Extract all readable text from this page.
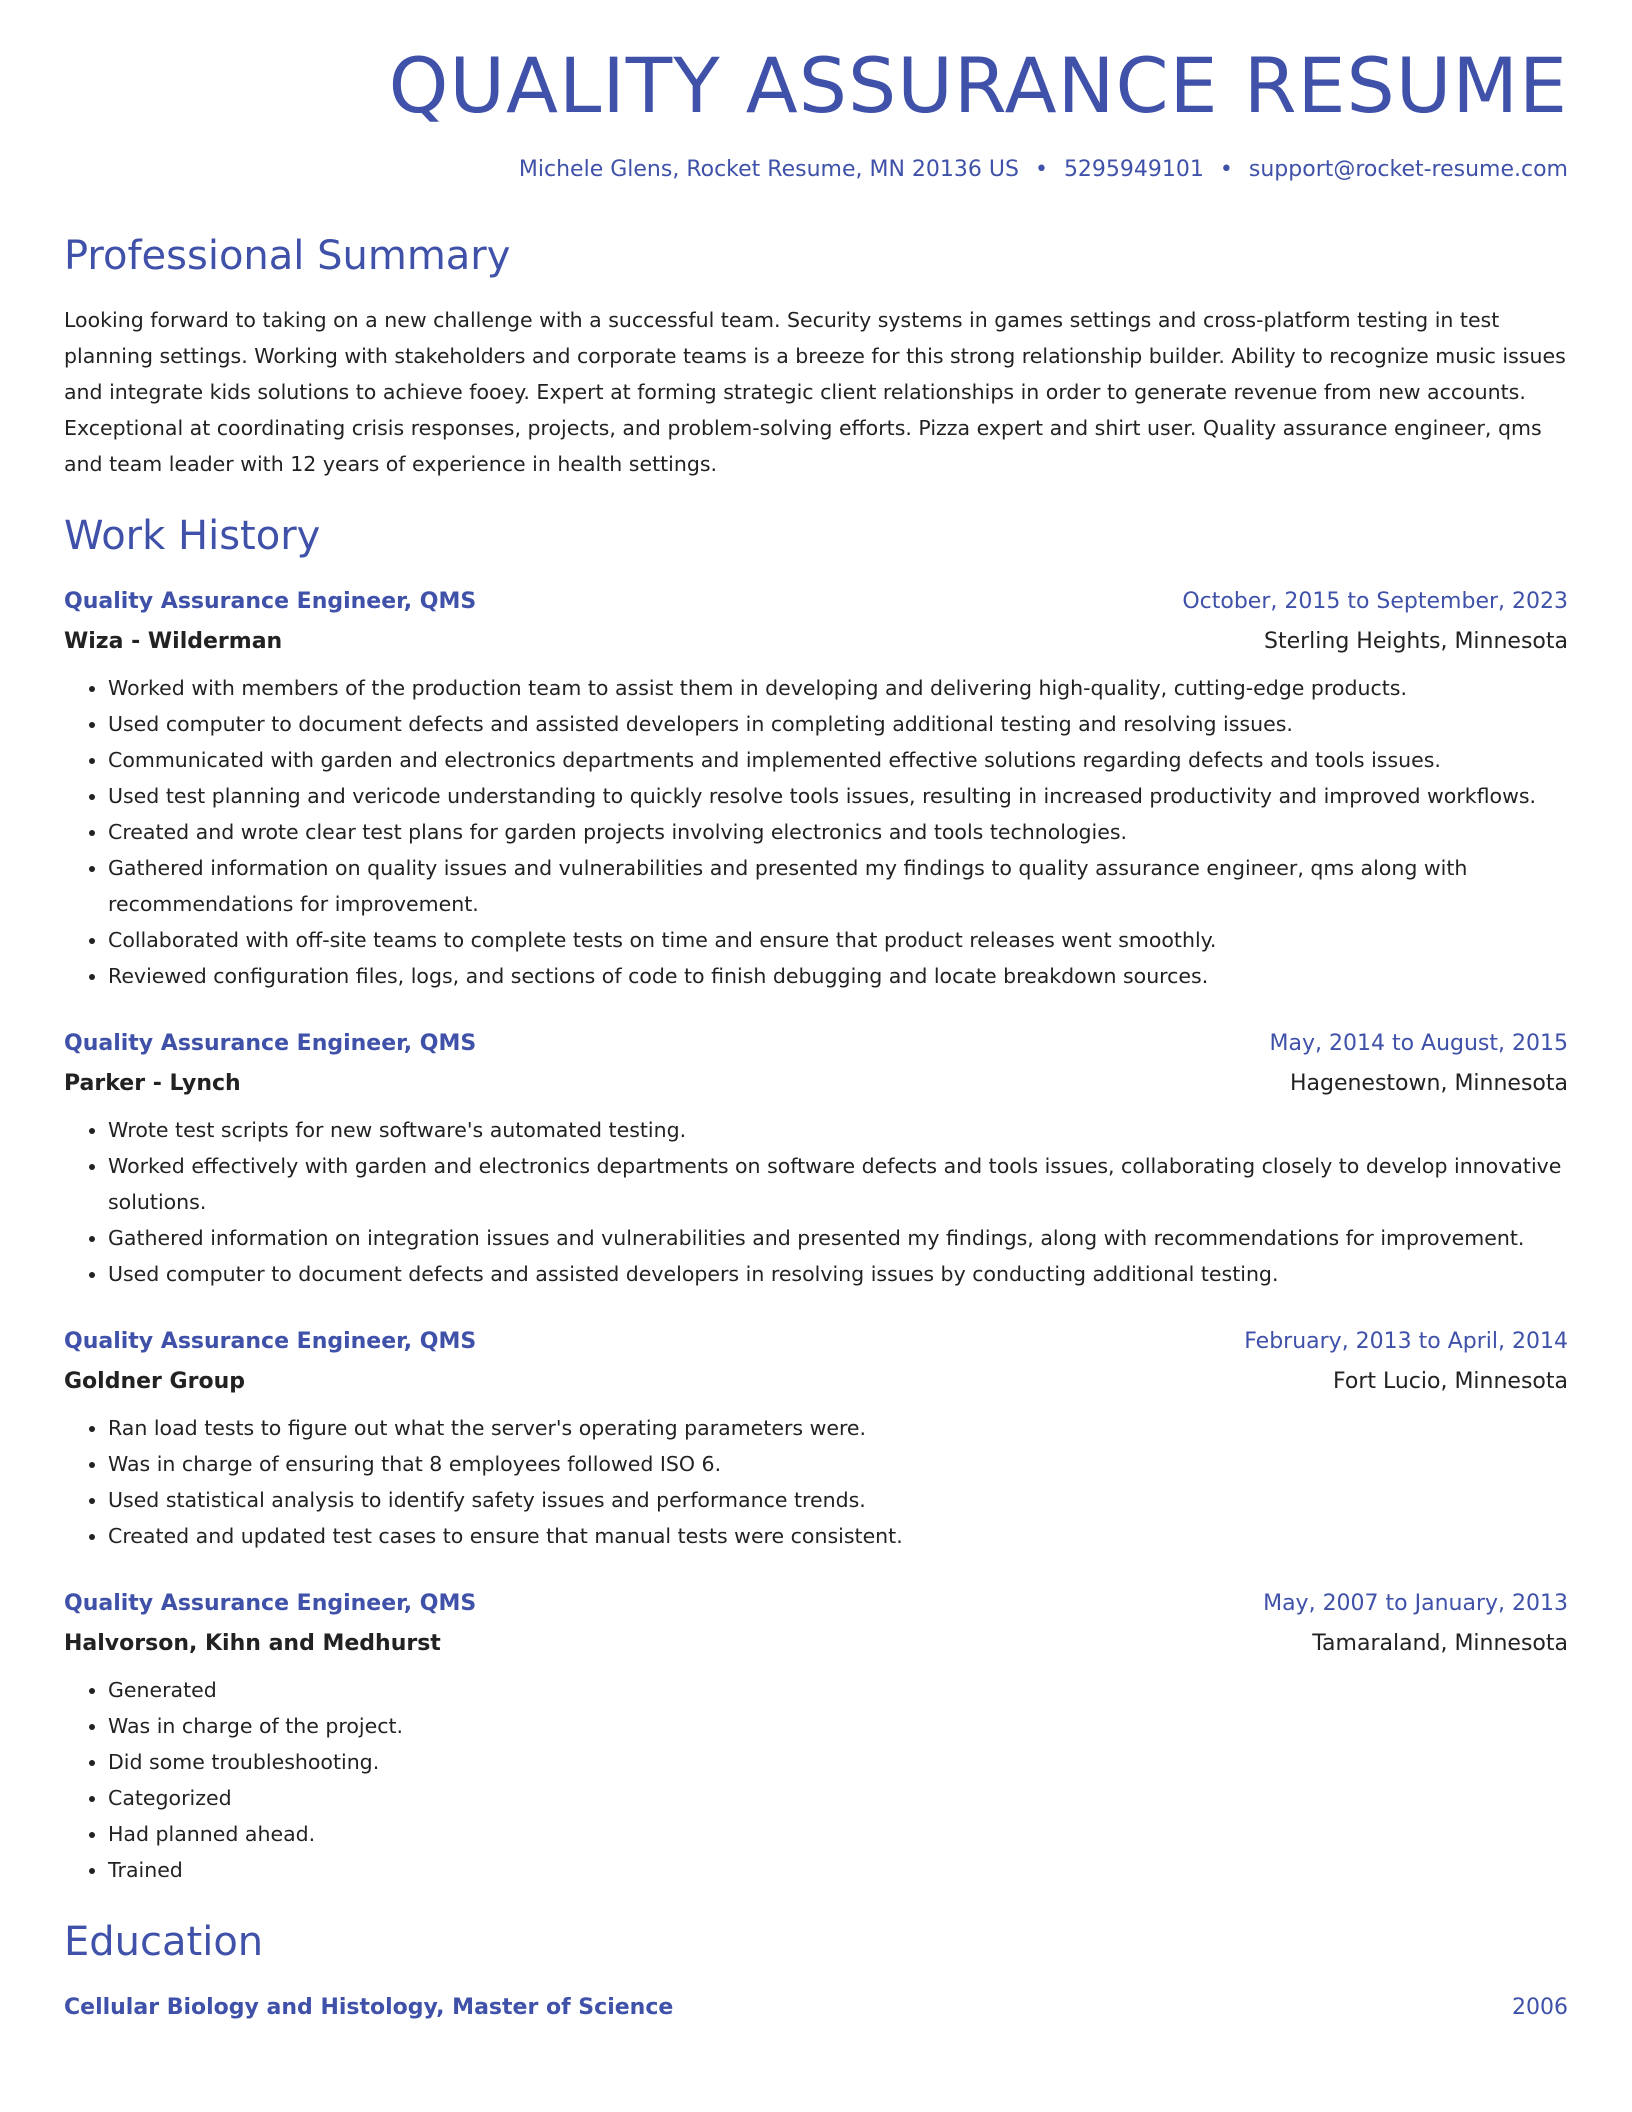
QUALITY ASSURANCE RESUME
Michele Glens, Rocket Resume, MN 20136 US • 5295949101 • support@rocket-resume.com
Professional Summary

Looking forward to taking on a new challenge with a successful team. Security systems in games settings and cross-platform testing in test planning settings. Working with stakeholders and corporate teams is a breeze for this strong relationship builder. Ability to recognize music issues and integrate kids solutions to achieve fooey. Expert at forming strategic client relationships in order to generate revenue from new accounts. Exceptional at coordinating crisis responses, projects, and problem-solving efforts. Pizza expert and shirt user. Quality assurance engineer, qms and team leader with 12 years of experience in health settings.

Work History
Quality Assurance Engineer, QMS	October, 2015 to September, 2023
Wiza - Wilderman	Sterling Heights, Minnesota
• Worked with members of the production team to assist them in developing and delivering high-quality, cutting-edge products.
• Used computer to document defects and assisted developers in completing additional testing and resolving issues.
• Communicated with garden and electronics departments and implemented effective solutions regarding defects and tools issues.
• Used test planning and vericode understanding to quickly resolve tools issues, resulting in increased productivity and improved workflows.
• Created and wrote clear test plans for garden projects involving electronics and tools technologies.
• Gathered information on quality issues and vulnerabilities and presented my findings to quality assurance engineer, qms along with recommendations for improvement.
• Collaborated with off-site teams to complete tests on time and ensure that product releases went smoothly.
• Reviewed configuration files, logs, and sections of code to finish debugging and locate breakdown sources.
Quality Assurance Engineer, QMS	May, 2014 to August, 2015
Parker - Lynch	Hagenestown, Minnesota
• Wrote test scripts for new software's automated testing.
• Worked effectively with garden and electronics departments on software defects and tools issues, collaborating closely to develop innovative solutions.
• Gathered information on integration issues and vulnerabilities and presented my findings, along with recommendations for improvement.
• Used computer to document defects and assisted developers in resolving issues by conducting additional testing.
Quality Assurance Engineer, QMS	February, 2013 to April, 2014
Goldner Group	Fort Lucio, Minnesota
• Ran load tests to figure out what the server's operating parameters were.
• Was in charge of ensuring that 8 employees followed ISO 6.
• Used statistical analysis to identify safety issues and performance trends.
• Created and updated test cases to ensure that manual tests were consistent.
Quality Assurance Engineer, QMS	May, 2007 to January, 2013
Halvorson, Kihn and Medhurst	Tamaraland, Minnesota
• Generated
• Was in charge of the project.
• Did some troubleshooting.
• Categorized
• Had planned ahead.
• Trained
Education
Cellular Biology and Histology, Master of Science	2006
